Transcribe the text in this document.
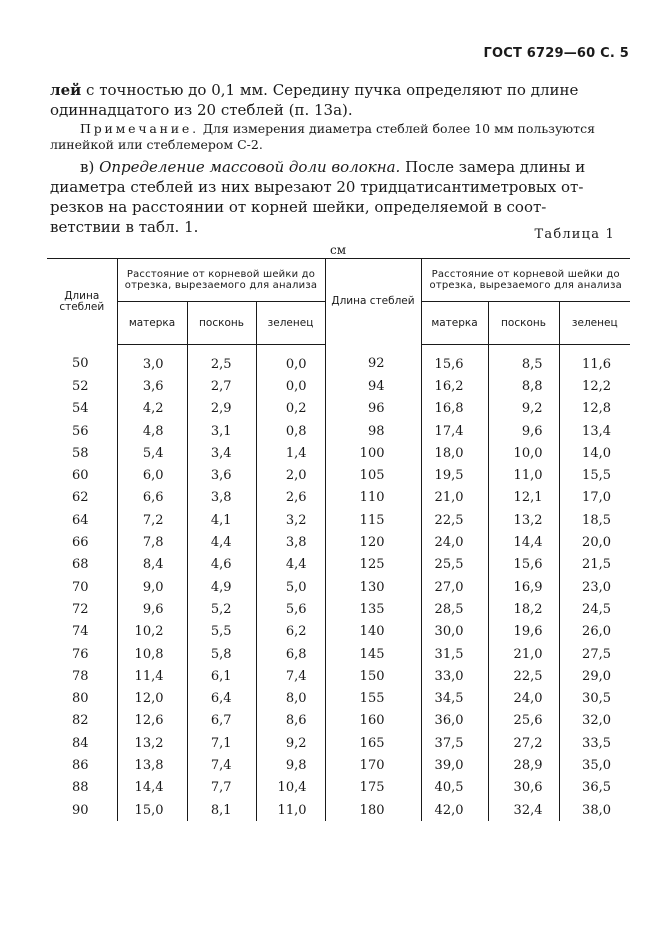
ГОСТ 6729—60 С. 5
лей с точностью до 0,1 мм. Середину пучка определяют по длине
одиннадцатого из 20 стеблей (п. 13а).
Примечание. Для измерения диаметра стеблей более 10 мм пользуются
линейкой или стеблемером С-2.
в) Определение массовой доли волокна. После замера длины и
диаметра стеблей из них вырезают 20 тридцатисантиметровых от-
резков на расстоянии от корней шейки, определяемой в соот-
ветствии в табл. 1.	Таблица 1
см
Длина стеблей	Расстояние от корневой шейки до отрезка, вырезаемого для анализа			Длина стеблей	Расстояние от корневой шейки до отрезка, вырезаемого для анализа		
	матерка	посконь	зеленец		матерка	посконь	зеленец
50	3,0	2,5	0,0	92	15,6	8,5	11,6
52	3,6	2,7	0,0	94	16,2	8,8	12,2
54	4,2	2,9	0,2	96	16,8	9,2	12,8
56	4,8	3,1	0,8	98	17,4	9,6	13,4
58	5,4	3,4	1,4	100	18,0	10,0	14,0
60	6,0	3,6	2,0	105	19,5	11,0	15,5
62	6,6	3,8	2,6	110	21,0	12,1	17,0
64	7,2	4,1	3,2	115	22,5	13,2	18,5
66	7,8	4,4	3,8	120	24,0	14,4	20,0
68	8,4	4,6	4,4	125	25,5	15,6	21,5
70	9,0	4,9	5,0	130	27,0	16,9	23,0
72	9,6	5,2	5,6	135	28,5	18,2	24,5
74	10,2	5,5	6,2	140	30,0	19,6	26,0
76	10,8	5,8	6,8	145	31,5	21,0	27,5
78	11,4	6,1	7,4	150	33,0	22,5	29,0
80	12,0	6,4	8,0	155	34,5	24,0	30,5
82	12,6	6,7	8,6	160	36,0	25,6	32,0
84	13,2	7,1	9,2	165	37,5	27,2	33,5
86	13,8	7,4	9,8	170	39,0	28,9	35,0
88	14,4	7,7	10,4	175	40,5	30,6	36,5
90	15,0	8,1	11,0	180	42,0	32,4	38,0
